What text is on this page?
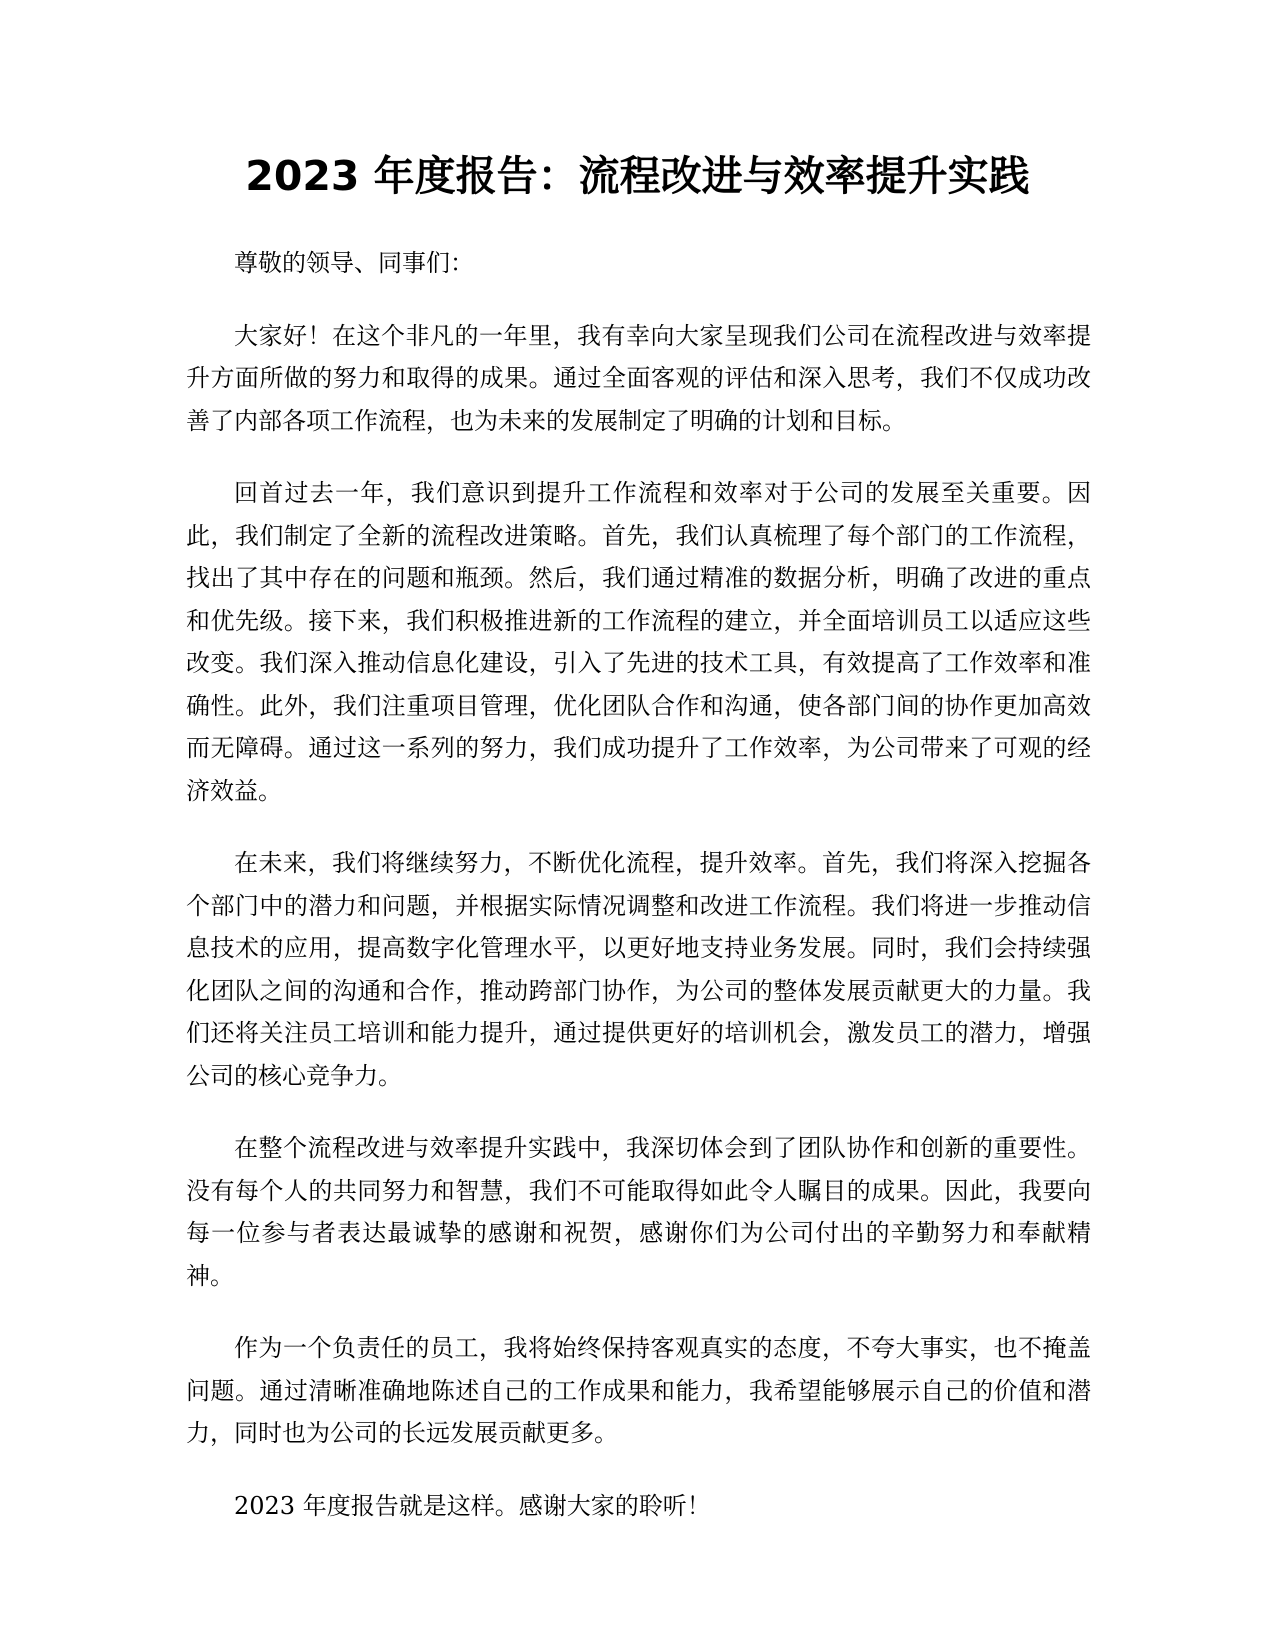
2023 年度报告：流程改进与效率提升实践

尊敬的领导、同事们：

大家好！在这个非凡的一年里，我有幸向大家呈现我们公司在流程改进与效率提升方面所做的努力和取得的成果。通过全面客观的评估和深入思考，我们不仅成功改善了内部各项工作流程，也为未来的发展制定了明确的计划和目标。

回首过去一年，我们意识到提升工作流程和效率对于公司的发展至关重要。因此，我们制定了全新的流程改进策略。首先，我们认真梳理了每个部门的工作流程，找出了其中存在的问题和瓶颈。然后，我们通过精准的数据分析，明确了改进的重点和优先级。接下来，我们积极推进新的工作流程的建立，并全面培训员工以适应这些改变。我们深入推动信息化建设，引入了先进的技术工具，有效提高了工作效率和准确性。此外，我们注重项目管理，优化团队合作和沟通，使各部门间的协作更加高效而无障碍。通过这一系列的努力，我们成功提升了工作效率，为公司带来了可观的经济效益。

在未来，我们将继续努力，不断优化流程，提升效率。首先，我们将深入挖掘各个部门中的潜力和问题，并根据实际情况调整和改进工作流程。我们将进一步推动信息技术的应用，提高数字化管理水平，以更好地支持业务发展。同时，我们会持续强化团队之间的沟通和合作，推动跨部门协作，为公司的整体发展贡献更大的力量。我们还将关注员工培训和能力提升，通过提供更好的培训机会，激发员工的潜力，增强公司的核心竞争力。

在整个流程改进与效率提升实践中，我深切体会到了团队协作和创新的重要性。没有每个人的共同努力和智慧，我们不可能取得如此令人瞩目的成果。因此，我要向每一位参与者表达最诚挚的感谢和祝贺，感谢你们为公司付出的辛勤努力和奉献精神。

作为一个负责任的员工，我将始终保持客观真实的态度，不夸大事实，也不掩盖问题。通过清晰准确地陈述自己的工作成果和能力，我希望能够展示自己的价值和潜力，同时也为公司的长远发展贡献更多。

2023 年度报告就是这样。感谢大家的聆听！
